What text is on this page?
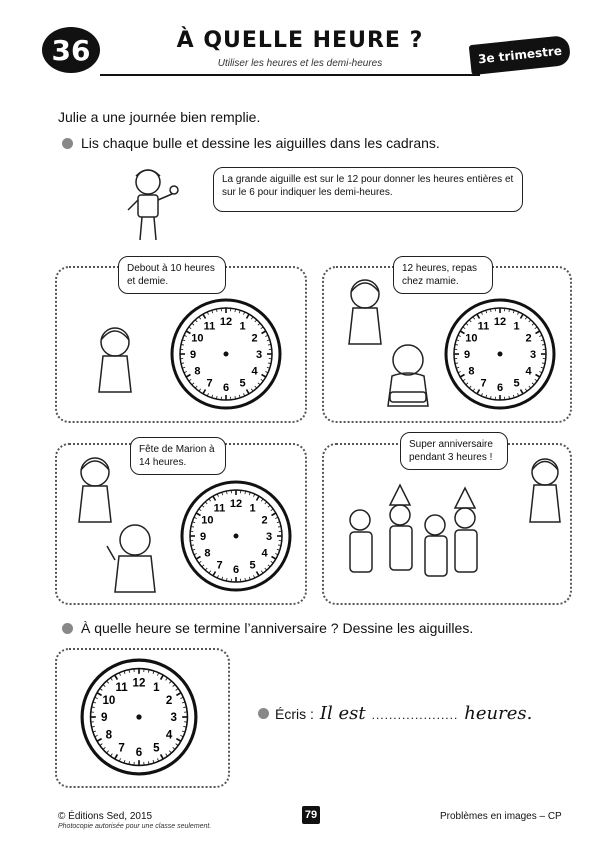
36	À QUELLE HEURE ?
Utiliser les heures et les demi-heures	3e trimestre
Julie a une journée bien remplie.
Lis chaque bulle et dessine les aiguilles dans les cadrans.
La grande aiguille est sur le 12 pour donner les heures entières et sur le 6 pour indiquer les demi-heures.
Debout à 10 heures et demie.
12 heures, repas chez mamie.
Fête de Marion à 14 heures.
Super anniversaire pendant 3 heures !
12 1
2
3
4
5
6
7
8
9
10
11	12 1
2
3
4
5
6
7
8
9
10
11
12 1
2
3
4
5
6
7
8
9
10
11
À quelle heure se termine l’anniversaire ? Dessine les aiguilles.
12 1
2
3
4
5
6
7
8
9
10
11
Écris : Il est .................... heures.
© Éditions Sed, 2015
Photocopie autorisée pour une classe seulement.
79	Problèmes en images – CP
